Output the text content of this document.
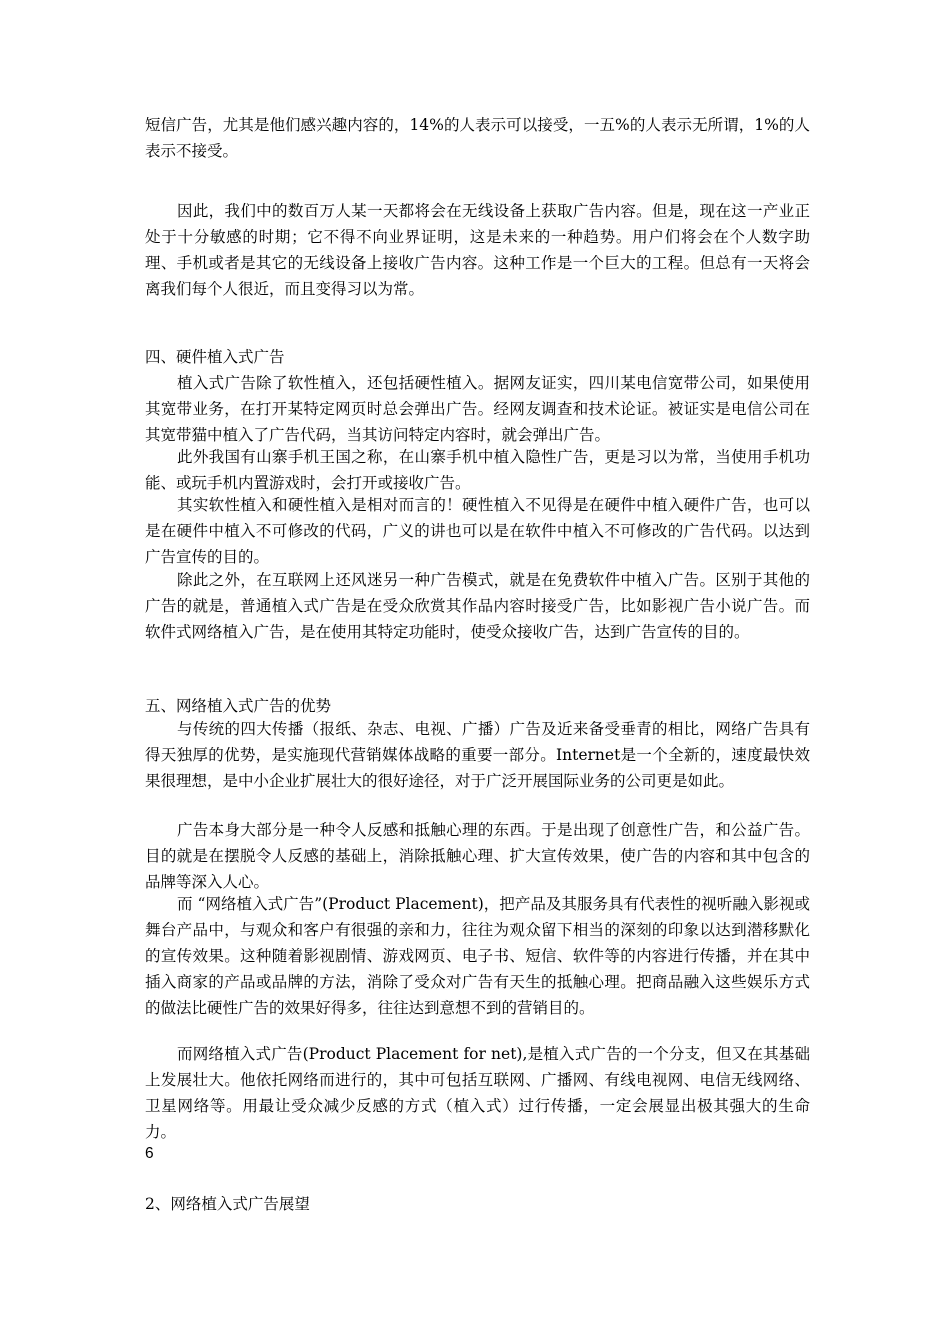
短信广告，尤其是他们感兴趣内容的，14%的人表示可以接受，一五%的人表示无所谓，1%的人表示不接受。

因此，我们中的数百万人某一天都将会在无线设备上获取广告内容。但是，现在这一产业正处于十分敏感的时期；它不得不向业界证明，这是未来的一种趋势。用户们将会在个人数字助理、手机或者是其它的无线设备上接收广告内容。这种工作是一个巨大的工程。但总有一天将会离我们每个人很近，而且变得习以为常。

四、硬件植入式广告

植入式广告除了软性植入，还包括硬性植入。据网友证实，四川某电信宽带公司，如果使用其宽带业务，在打开某特定网页时总会弹出广告。经网友调查和技术论证。被证实是电信公司在其宽带猫中植入了广告代码，当其访问特定内容时，就会弹出广告。

此外我国有山寨手机王国之称，在山寨手机中植入隐性广告，更是习以为常，当使用手机功能、或玩手机内置游戏时，会打开或接收广告。

其实软性植入和硬性植入是相对而言的！硬性植入不见得是在硬件中植入硬件广告，也可以是在硬件中植入不可修改的代码，广义的讲也可以是在软件中植入不可修改的广告代码。以达到广告宣传的目的。

除此之外，在互联网上还风迷另一种广告模式，就是在免费软件中植入广告。区别于其他的广告的就是，普通植入式广告是在受众欣赏其作品内容时接受广告，比如影视广告小说广告。而软件式网络植入广告，是在使用其特定功能时，使受众接收广告，达到广告宣传的目的。

五、网络植入式广告的优势

与传统的四大传播（报纸、杂志、电视、广播）广告及近来备受垂青的相比，网络广告具有得天独厚的优势，是实施现代营销媒体战略的重要一部分。Internet是一个全新的，速度最快效果很理想，是中小企业扩展壮大的很好途径，对于广泛开展国际业务的公司更是如此。

广告本身大部分是一种令人反感和抵触心理的东西。于是出现了创意性广告，和公益广告。目的就是在摆脱令人反感的基础上，消除抵触心理、扩大宣传效果，使广告的内容和其中包含的品牌等深入人心。

而 “网络植入式广告”(Product Placement)，把产品及其服务具有代表性的视听融入影视或舞台产品中，与观众和客户有很强的亲和力，往往为观众留下相当的深刻的印象以达到潜移默化的宣传效果。这种随着影视剧情、游戏网页、电子书、短信、软件等的内容进行传播，并在其中插入商家的产品或品牌的方法，消除了受众对广告有天生的抵触心理。把商品融入这些娱乐方式的做法比硬性广告的效果好得多，往往达到意想不到的营销目的。

而网络植入式广告(Product Placement for net),是植入式广告的一个分支，但又在其基础上发展壮大。他依托网络而进行的，其中可包括互联网、广播网、有线电视网、电信无线网络、卫星网络等。用最让受众减少反感的方式（植入式）过行传播，一定会展显出极其强大的生命力。

6
2、网络植入式广告展望
